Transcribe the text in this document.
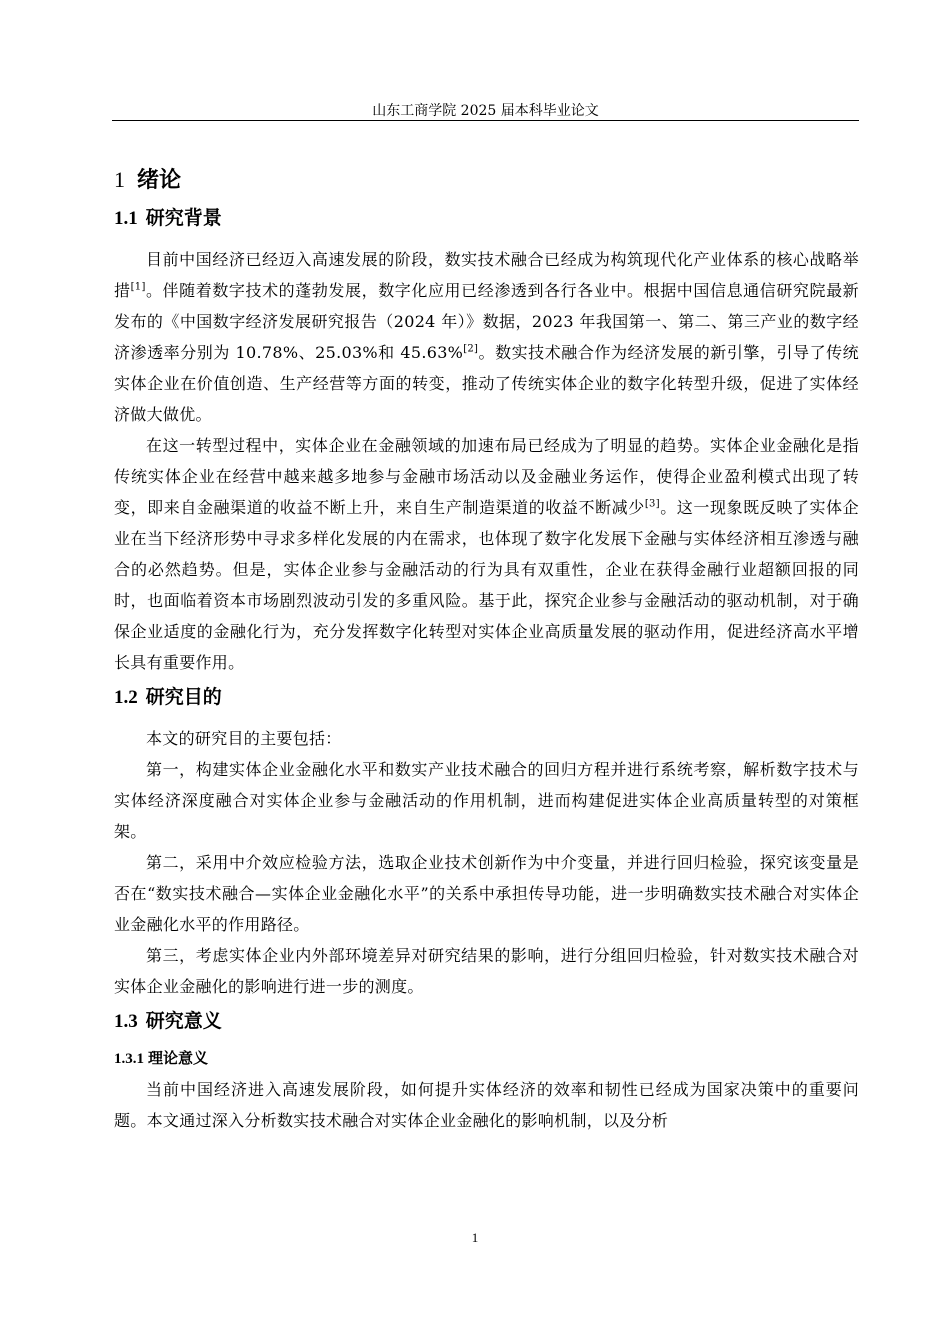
山东工商学院 2025 届本科毕业论文
1 绪论
1.1 研究背景

目前中国经济已经迈入高速发展的阶段，数实技术融合已经成为构筑现代化产业体系的核心战略举措[1]。伴随着数字技术的蓬勃发展，数字化应用已经渗透到各行各业中。根据中国信息通信研究院最新发布的《中国数字经济发展研究报告（2024 年）》数据，2023 年我国第一、第二、第三产业的数字经济渗透率分别为 10.78%、25.03%和 45.63%[2]。数实技术融合作为经济发展的新引擎，引导了传统实体企业在价值创造、生产经营等方面的转变，推动了传统实体企业的数字化转型升级，促进了实体经济做大做优。

在这一转型过程中，实体企业在金融领域的加速布局已经成为了明显的趋势。实体企业金融化是指传统实体企业在经营中越来越多地参与金融市场活动以及金融业务运作，使得企业盈利模式出现了转变，即来自金融渠道的收益不断上升，来自生产制造渠道的收益不断减少[3]。这一现象既反映了实体企业在当下经济形势中寻求多样化发展的内在需求，也体现了数字化发展下金融与实体经济相互渗透与融合的必然趋势。但是，实体企业参与金融活动的行为具有双重性，企业在获得金融行业超额回报的同时，也面临着资本市场剧烈波动引发的多重风险。基于此，探究企业参与金融活动的驱动机制，对于确保企业适度的金融化行为，充分发挥数字化转型对实体企业高质量发展的驱动作用，促进经济高水平增长具有重要作用。

1.2 研究目的

本文的研究目的主要包括：

第一，构建实体企业金融化水平和数实产业技术融合的回归方程并进行系统考察，解析数字技术与实体经济深度融合对实体企业参与金融活动的作用机制，进而构建促进实体企业高质量转型的对策框架。

第二，采用中介效应检验方法，选取企业技术创新作为中介变量，并进行回归检验，探究该变量是否在“数实技术融合—实体企业金融化水平”的关系中承担传导功能，进一步明确数实技术融合对实体企业金融化水平的作用路径。

第三，考虑实体企业内外部环境差异对研究结果的影响，进行分组回归检验，针对数实技术融合对实体企业金融化的影响进行进一步的测度。

1.3 研究意义
1.3.1 理论意义

当前中国经济进入高速发展阶段，如何提升实体经济的效率和韧性已经成为国家决策中的重要问题。本文通过深入分析数实技术融合对实体企业金融化的影响机制，以及分析

1
